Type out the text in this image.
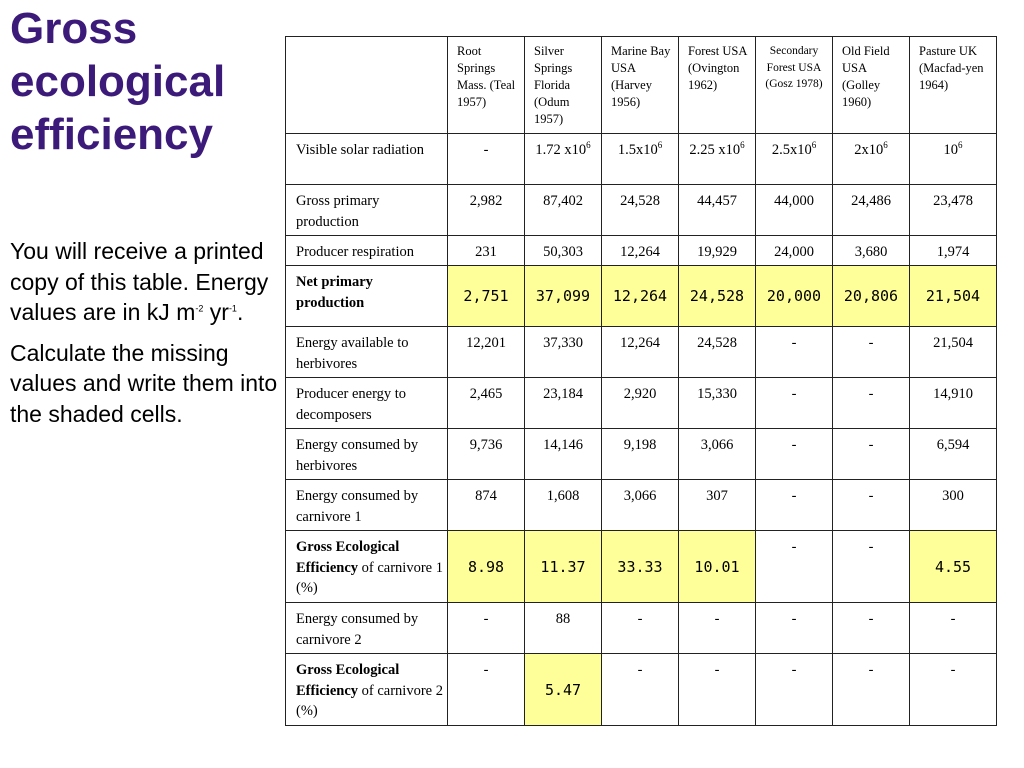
Gross ecological efficiency

You will receive a printed copy of this table. Energy values are in kJ $m^{-2}$ $yr^{-1}$.

Calculate the missing values and write them into the shaded cells.

	Root Springs Mass. (Teal 1957)	Silver Springs Florida (Odum 1957)	Marine Bay USA (Harvey 1956)	Forest USA (Ovington 1962)	Secondary Forest USA (Gosz 1978)	Old Field USA (Golley 1960)	Pasture UK (Macfad-yen 1964)
Visible solar radiation	-	1.72 $x10^6$	$1.5x10^6$	2.25 $x10^6$	$2.5x10^6$	$2x10^6$	$10^6$
Gross primary production	2,982	87,402	24,528	44,457	44,000	24,486	23,478
Producer respiration	231	50,303	12,264	19,929	24,000	3,680	1,974
Net primary production	2,751	37,099	12,264	24,528	20,000	20,806	21,504
Energy available to herbivores	12,201	37,330	12,264	24,528	-	-	21,504
Producer energy to decomposers	2,465	23,184	2,920	15,330	-	-	14,910
Energy consumed by herbivores	9,736	14,146	9,198	3,066	-	-	6,594
Energy consumed by carnivore 1	874	1,608	3,066	307	-	-	300
Gross Ecological Efficiency of carnivore 1 (%)	8.98	11.37	33.33	10.01	-	-	4.55
Energy consumed by carnivore 2	-	88	-	-	-	-	-
Gross Ecological Efficiency of carnivore 2 (%)	-	5.47	-	-	-	-	-
